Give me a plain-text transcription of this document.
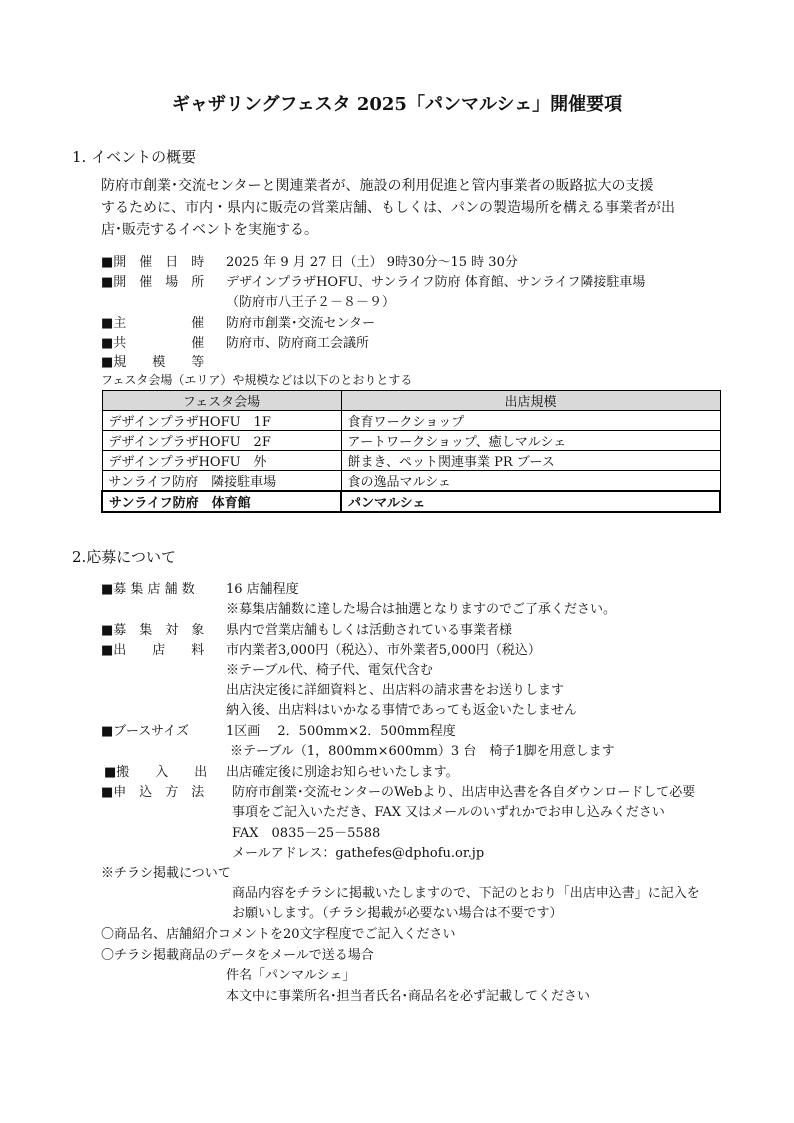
ギャザリングフェスタ 2025「パンマルシェ」開催要項
1. イベントの概要
防府市創業･交流センターと関連業者が、施設の利用促進と管内事業者の販路拡大の支援
するために、市内・県内に販売の営業店舗、もしくは、パンの製造場所を構える事業者が出
店･販売するイベントを実施する。
■開　催　日　時 2025 年 9 月 27 日（土） 9時30分～15 時 30分
■開　催　場　所 デザインプラザHOFU、サンライフ防府 体育館、サンライフ隣接駐車場
（防府市八王子２－８－９）
■主　　　　　催 防府市創業･交流センター
■共　　　　　催 防府市、防府商工会議所
■規　　模　　等
フェスタ会場（エリア）や規模などは以下のとおりとする
フェスタ会場	出店規模
デザインプラザHOFU　1F	食育ワークショップ
デザインプラザHOFU　2F	アートワークショップ、癒しマルシェ
デザインプラザHOFU　外	餅まき、ペット関連事業 PR ブース
サンライフ防府　隣接駐車場	食の逸品マルシェ
サンライフ防府　体育館	パンマルシェ
2.応募について
■募 集 店 舗 数 16 店舗程度
※募集店舗数に達した場合は抽選となりますのでご了承ください。
■募　集　対　象 県内で営業店舗もしくは活動されている事業者様
■出　　店　　料 市内業者3,000円（税込）、市外業者5,000円（税込）
※テーブル代、椅子代、電気代含む
出店決定後に詳細資料と、出店料の請求書をお送りします
納入後、出店料はいかなる事情であっても返金いたしません
■ブースサイズ	1区画　 2．500mm×2．500mm程度
※テーブル（1，800mm×600mm）3 台　椅子1脚を用意します
■搬　　入　　出 出店確定後に別途お知らせいたします。
■申　込　方　法 防府市創業･交流センターのWebより、出店申込書を各自ダウンロードして必要
事項をご記入いただき、FAX 又はメールのいずれかでお申し込みください
FAX　0835－25－5588
メールアドレス：gathefes@dphofu.or.jp
※チラシ掲載について
商品内容をチラシに掲載いたしますので、下記のとおり「出店申込書」に記入を
お願いします。（チラシ掲載が必要ない場合は不要です）
〇商品名、店舗紹介コメントを20文字程度でご記入ください
〇チラシ掲載商品のデータをメールで送る場合
件名「パンマルシェ」
本文中に事業所名･担当者氏名･商品名を必ず記載してください
